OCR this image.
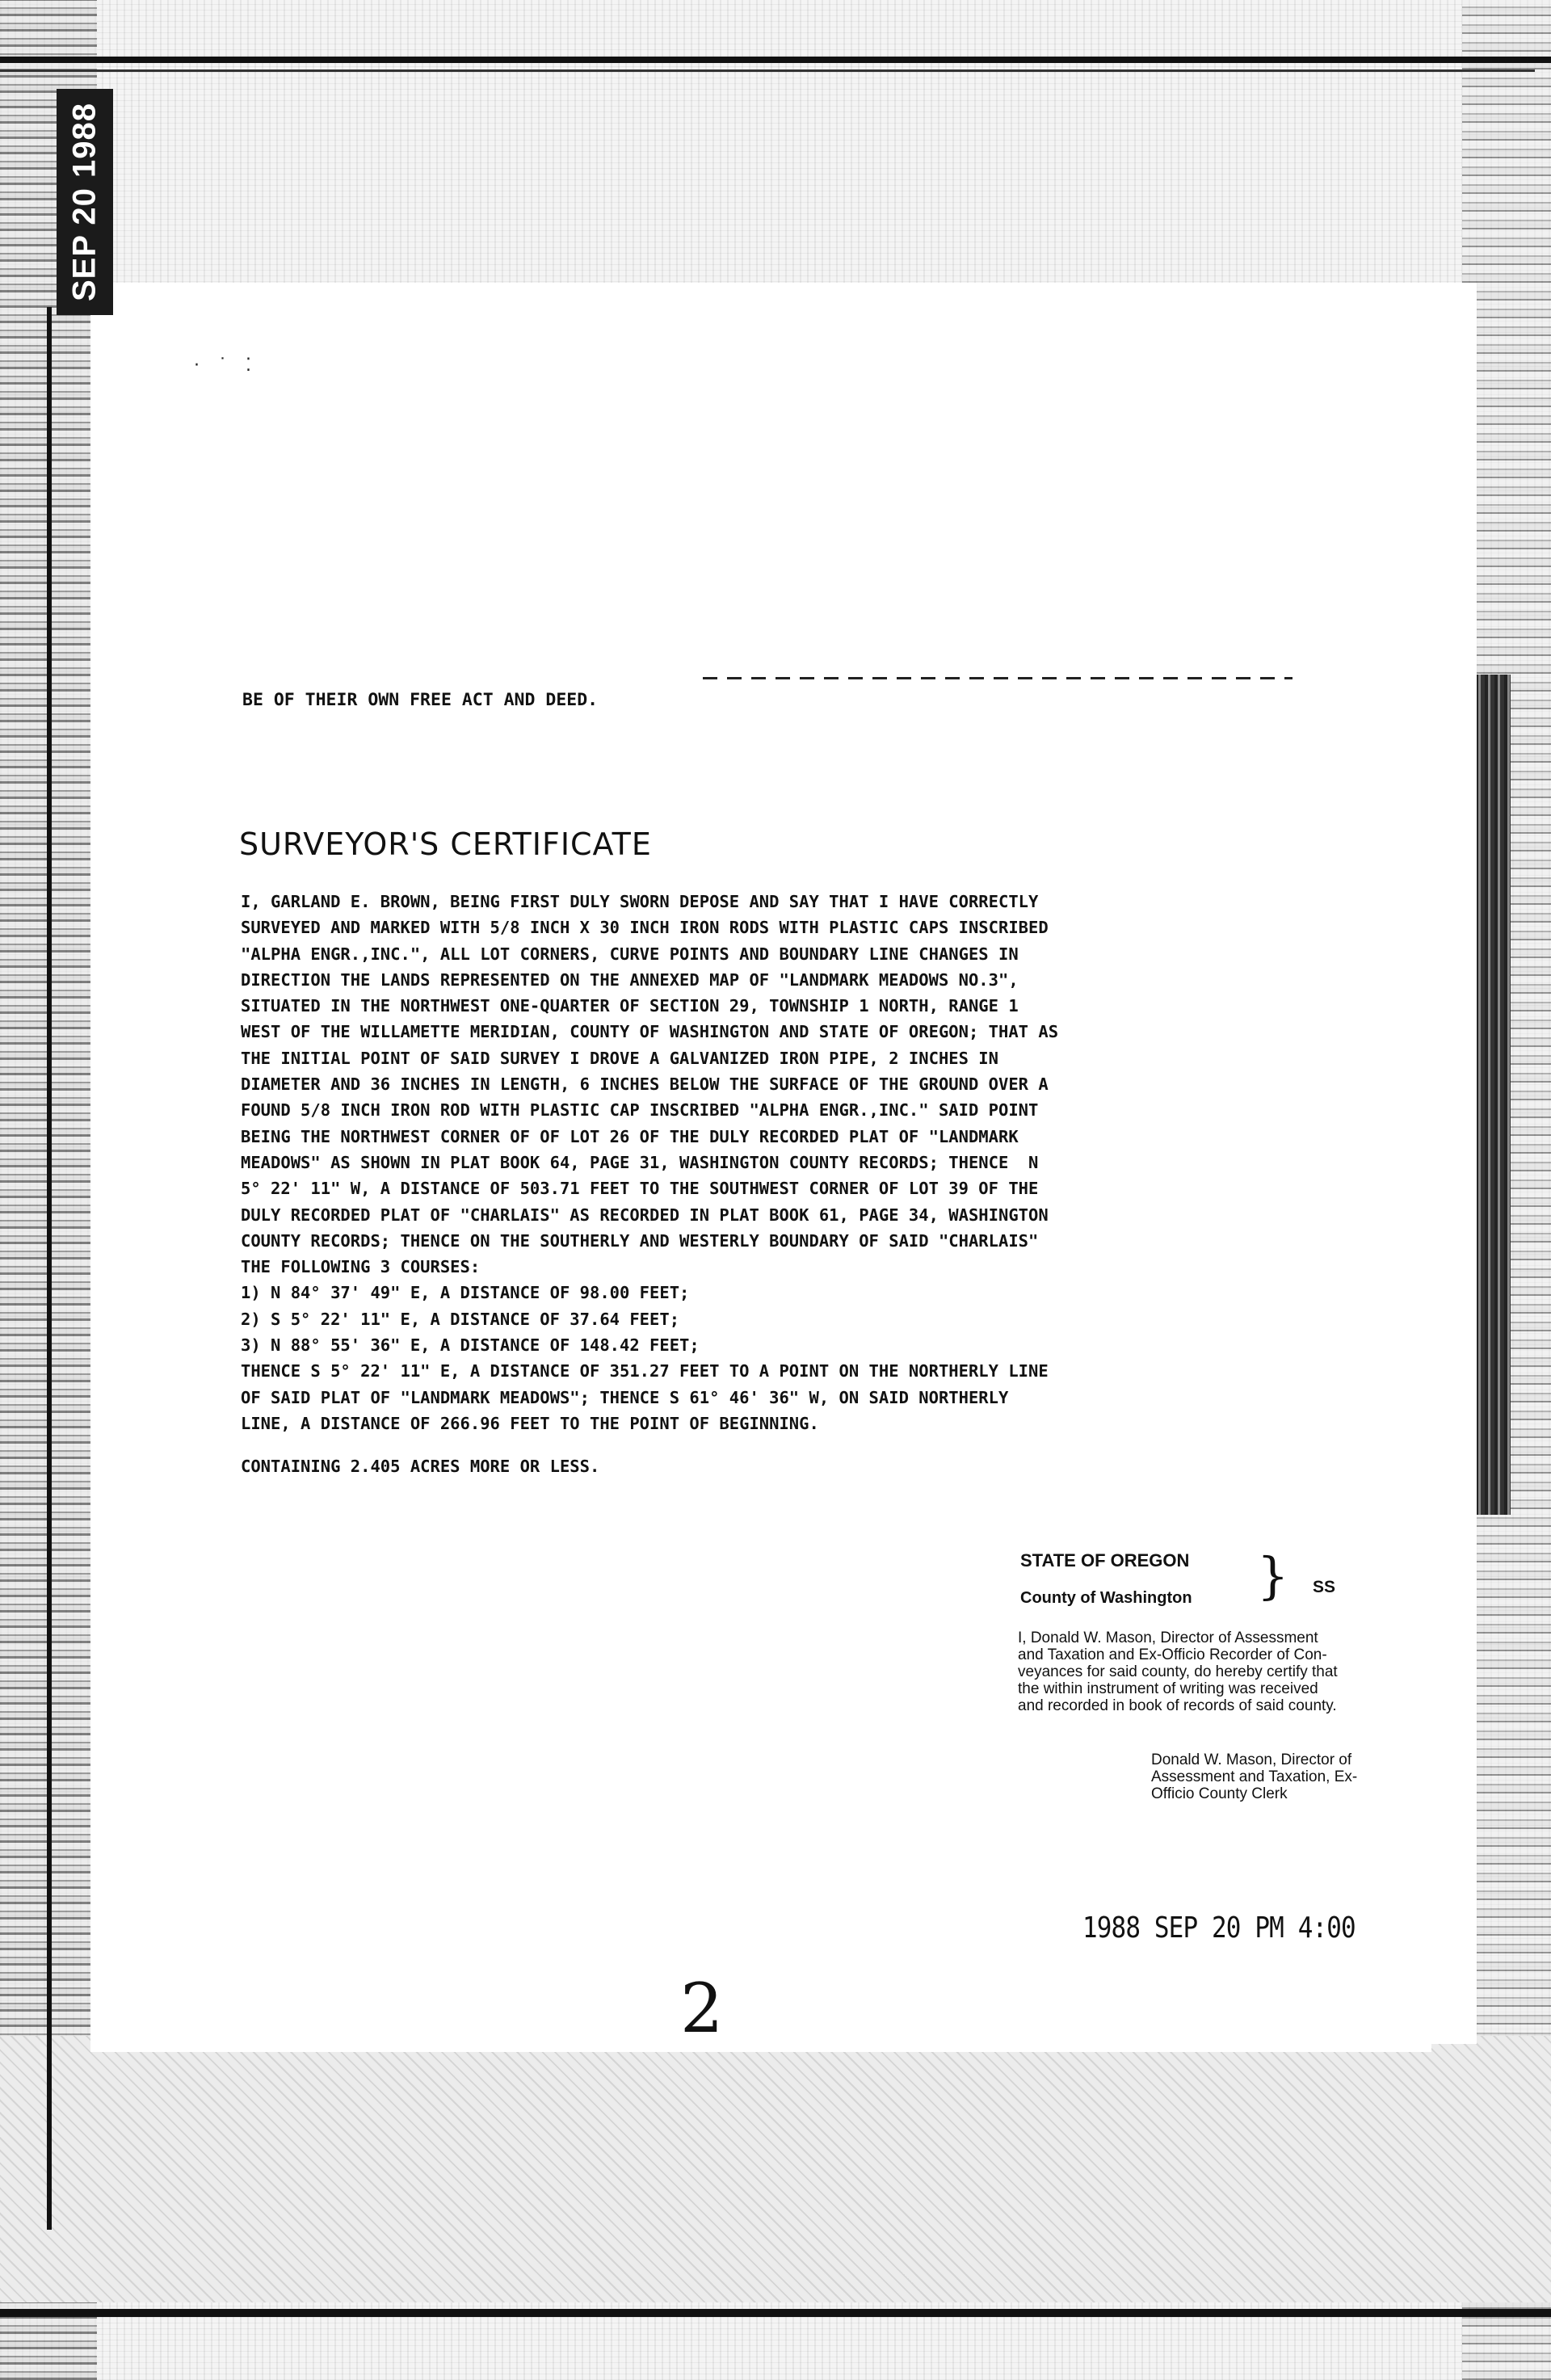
SEP 20 1988
· ˙ ⁚
BE OF THEIR OWN FREE ACT AND DEED.
SURVEYOR'S CERTIFICATE
I, GARLAND E. BROWN, BEING FIRST DULY SWORN DEPOSE AND SAY THAT I HAVE CORRECTLY
SURVEYED AND MARKED WITH 5/8 INCH X 30 INCH IRON RODS WITH PLASTIC CAPS INSCRIBED
"ALPHA ENGR.,INC.", ALL LOT CORNERS, CURVE POINTS AND BOUNDARY LINE CHANGES IN
DIRECTION THE LANDS REPRESENTED ON THE ANNEXED MAP OF "LANDMARK MEADOWS NO.3",
SITUATED IN THE NORTHWEST ONE-QUARTER OF SECTION 29, TOWNSHIP 1 NORTH, RANGE 1
WEST OF THE WILLAMETTE MERIDIAN, COUNTY OF WASHINGTON AND STATE OF OREGON; THAT AS
THE INITIAL POINT OF SAID SURVEY I DROVE A GALVANIZED IRON PIPE, 2 INCHES IN
DIAMETER AND 36 INCHES IN LENGTH, 6 INCHES BELOW THE SURFACE OF THE GROUND OVER A
FOUND 5/8 INCH IRON ROD WITH PLASTIC CAP INSCRIBED "ALPHA ENGR.,INC." SAID POINT
BEING THE NORTHWEST CORNER OF OF LOT 26 OF THE DULY RECORDED PLAT OF "LANDMARK
MEADOWS" AS SHOWN IN PLAT BOOK 64, PAGE 31, WASHINGTON COUNTY RECORDS; THENCE  N
5° 22' 11" W, A DISTANCE OF 503.71 FEET TO THE SOUTHWEST CORNER OF LOT 39 OF THE
DULY RECORDED PLAT OF "CHARLAIS" AS RECORDED IN PLAT BOOK 61, PAGE 34, WASHINGTON
COUNTY RECORDS; THENCE ON THE SOUTHERLY AND WESTERLY BOUNDARY OF SAID "CHARLAIS"
THE FOLLOWING 3 COURSES:
1) N 84° 37' 49" E, A DISTANCE OF 98.00 FEET;
2) S 5° 22' 11" E, A DISTANCE OF 37.64 FEET;
3) N 88° 55' 36" E, A DISTANCE OF 148.42 FEET;
THENCE S 5° 22' 11" E, A DISTANCE OF 351.27 FEET TO A POINT ON THE NORTHERLY LINE
OF SAID PLAT OF "LANDMARK MEADOWS"; THENCE S 61° 46' 36" W, ON SAID NORTHERLY
LINE, A DISTANCE OF 266.96 FEET TO THE POINT OF BEGINNING.
CONTAINING 2.405 ACRES MORE OR LESS.
STATE OF OREGON
County of Washington } SS
I, Donald W. Mason, Director of Assessment
and Taxation and Ex-Officio Recorder of Con-
veyances for said county, do hereby certify that
the within instrument of writing was received
and recorded in book of records of said county.
Donald W. Mason, Director of
Assessment and Taxation, Ex-
Officio County Clerk
1988 SEP 20 PM 4:00
2
